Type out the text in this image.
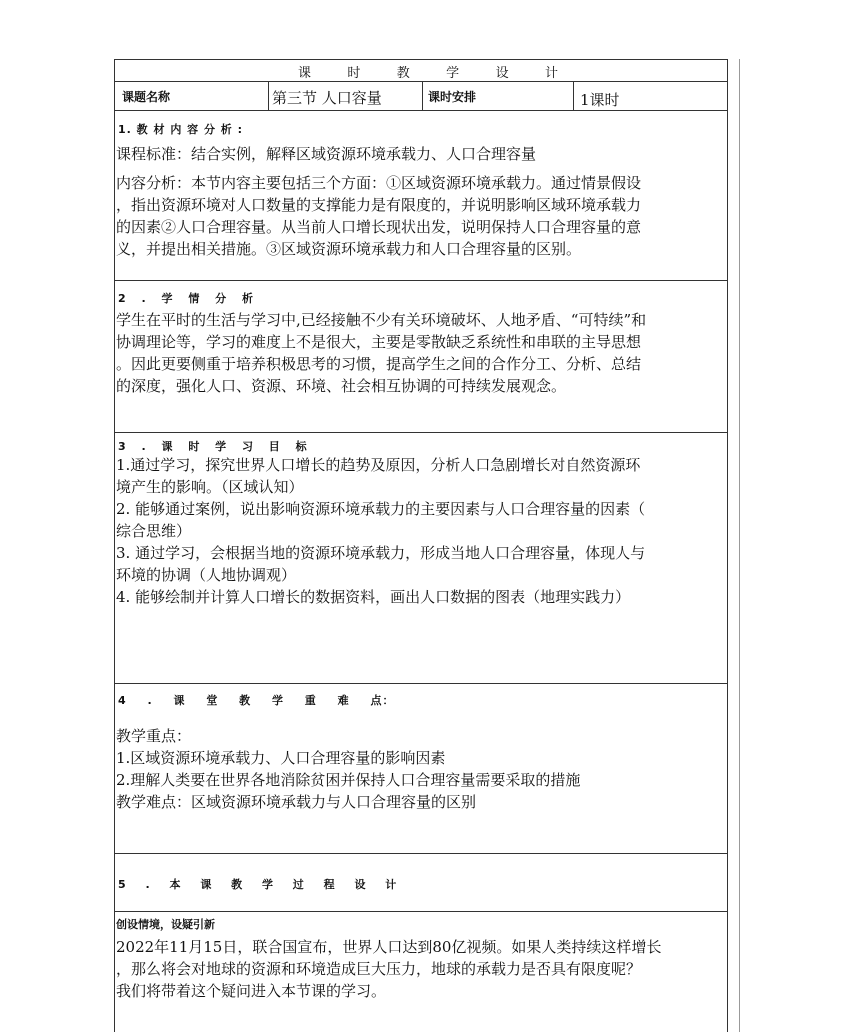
课	时	教	学	设	计
课题名称	第三节 人口容量	课时安排	1课时
1. 教 材 内 容 分 析 :

课程标准：结合实例，解释区域资源环境承载力、人口合理容量

内容分析：本节内容主要包括三个方面：①区域资源环境承载力。通过情景假设

，指出资源环境对人口数量的支撑能力是有限度的，并说明影响区域环境承载力

的因素②人口合理容量。从当前人口增长现状出发，说明保持人口合理容量的意

义，并提出相关措施。③区域资源环境承载力和人口合理容量的区别。

2 . 学 情 分 析

学生在平时的生活与学习中,已经接触不少有关环境破坏、人地矛盾、“可特续”和

协调理论等，学习的难度上不是很大，主要是零散缺乏系统性和串联的主导思想

。因此更要侧重于培养积极思考的习惯，提高学生之间的合作分工、分析、总结

的深度，强化人口、资源、环境、社会相互协调的可持续发展观念。

3 . 课 时 学 习 目 标

1.通过学习，探究世界人口增长的趋势及原因，分析人口急剧增长对自然资源环

境产生的影响。（区域认知）

2. 能够通过案例，说出影响资源环境承载力的主要因素与人口合理容量的因素（

综合思维）

3. 通过学习，会根据当地的资源环境承载力，形成当地人口合理容量，体现人与

环境的协调（人地协调观）

4. 能够绘制并计算人口增长的数据资料，画出人口数据的图表（地理实践力）

4 . 课 堂 教 学 重 难 点：

教学重点：

1.区域资源环境承载力、人口合理容量的影响因素

2.理解人类要在世界各地消除贫困并保持人口合理容量需要采取的措施

教学难点：区域资源环境承载力与人口合理容量的区别

5 . 本 课 教 学 过 程 设 计
创设情境，设疑引新

2022年11月15日，联合国宣布，世界人口达到80亿视频。如果人类持续这样增长

，那么将会对地球的资源和环境造成巨大压力，地球的承载力是否具有限度呢？

我们将带着这个疑问进入本节课的学习。
